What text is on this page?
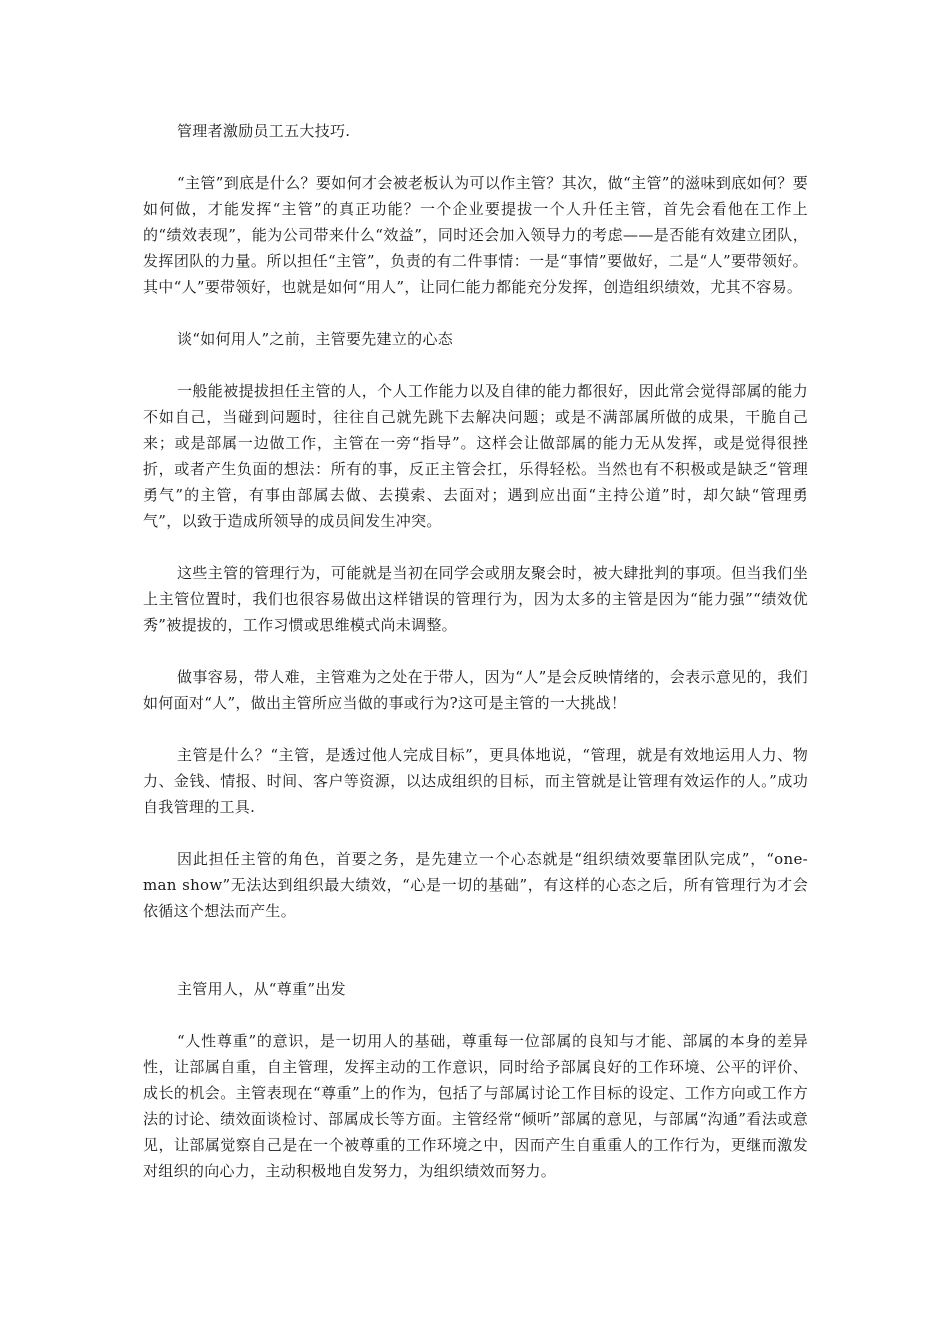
管理者激励员工五大技巧.

“主管”到底是什么？要如何才会被老板认为可以作主管？其次，做“主管”的滋味到底如何？要如何做，才能发挥“主管”的真正功能？一个企业要提拔一个人升任主管，首先会看他在工作上的“绩效表现”，能为公司带来什么“效益”，同时还会加入领导力的考虑——是否能有效建立团队，发挥团队的力量。所以担任“主管”，负责的有二件事情：一是“事情”要做好，二是“人”要带领好。其中“人”要带领好，也就是如何“用人”，让同仁能力都能充分发挥，创造组织绩效，尤其不容易。

谈“如何用人”之前，主管要先建立的心态

一般能被提拔担任主管的人，个人工作能力以及自律的能力都很好，因此常会觉得部属的能力不如自己，当碰到问题时，往往自己就先跳下去解决问题；或是不满部属所做的成果，干脆自己来；或是部属一边做工作，主管在一旁“指导”。这样会让做部属的能力无从发挥，或是觉得很挫折，或者产生负面的想法：所有的事，反正主管会扛，乐得轻松。当然也有不积极或是缺乏“管理勇气”的主管，有事由部属去做、去摸索、去面对；遇到应出面“主持公道”时，却欠缺“管理勇气”，以致于造成所领导的成员间发生冲突。

这些主管的管理行为，可能就是当初在同学会或朋友聚会时，被大肆批判的事项。但当我们坐上主管位置时，我们也很容易做出这样错误的管理行为，因为太多的主管是因为“能力强”“绩效优秀”被提拔的，工作习惯或思维模式尚未调整。

做事容易，带人难，主管难为之处在于带人，因为“人”是会反映情绪的，会表示意见的，我们如何面对“人”，做出主管所应当做的事或行为?这可是主管的一大挑战！

主管是什么？“主管，是透过他人完成目标”，更具体地说，“管理，就是有效地运用人力、物力、金钱、情报、时间、客户等资源，以达成组织的目标，而主管就是让管理有效运作的人。”成功自我管理的工具.

因此担任主管的角色，首要之务，是先建立一个心态就是“组织绩效要靠团队完成”，“one-man show”无法达到组织最大绩效，“心是一切的基础”，有这样的心态之后，所有管理行为才会依循这个想法而产生。

主管用人，从“尊重”出发

“人性尊重”的意识，是一切用人的基础，尊重每一位部属的良知与才能、部属的本身的差异性，让部属自重，自主管理，发挥主动的工作意识，同时给予部属良好的工作环境、公平的评价、成长的机会。主管表现在“尊重”上的作为，包括了与部属讨论工作目标的设定、工作方向或工作方法的讨论、绩效面谈检讨、部属成长等方面。主管经常“倾听”部属的意见，与部属“沟通”看法或意见，让部属觉察自己是在一个被尊重的工作环境之中，因而产生自重重人的工作行为，更继而激发对组织的向心力，主动积极地自发努力，为组织绩效而努力。
